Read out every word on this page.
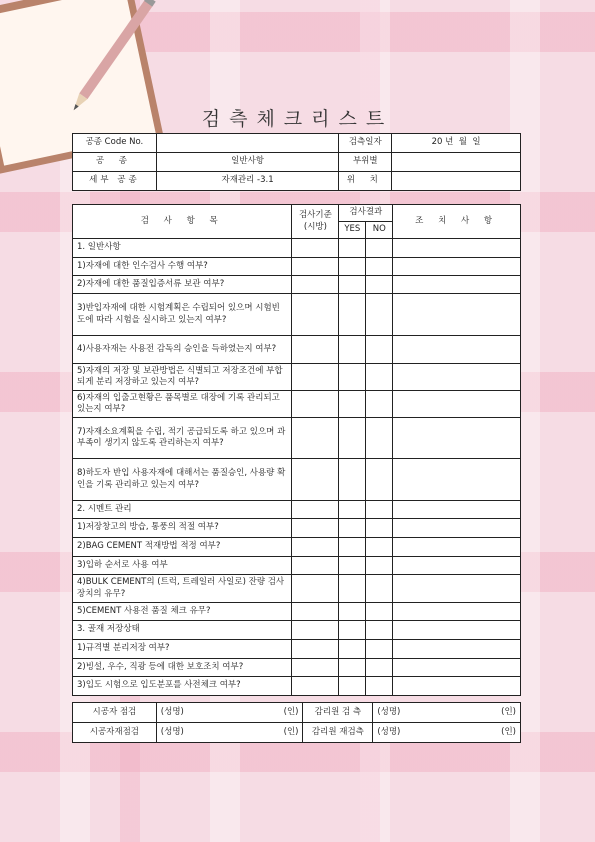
검측체크리스트
공종 Code No.		검측일자	20 년  월  일
공 종	일반사항	부위별	
세부 공종	자재관리 -3.1	위 치	
검 사 항 목	검사기준 (시방)	검사결과		조 치 사 항
		YES	NO	
1. 일반사항				
1)자재에 대한 인수검사 수행 여부?				
2)자재에 대한 품질입증서류 보관 여부?				
3)반입자재에 대한 시험계획은 수립되어 있으며 시험빈도에 따라 시험을 실시하고 있는지 여부?				
4)사용자재는 사용전 감독의 승인을 득하였는지 여부?				
5)자재의 저장 및 보관방법은 식별되고 저장조건에 부합되게 분리 저장하고 있는지 여부?				
6)자재의 입출고현황은 품목별로 대장에 기록 관리되고 있는지 여부?				
7)자재소요계획을 수립, 적기 공급되도록 하고 있으며 과부족이 생기지 않도록 관리하는지 여부?				
8)하도자 반입 사용자재에 대해서는 품질승인, 사용량 확인을 기록 관리하고 있는지 여부?				
2. 시멘트 관리				
1)저장창고의 방습, 통풍의 적절 여부?				
2)BAG CEMENT 적재방법 적정 여부?				
3)입하 순서로 사용 여부				
4)BULK CEMENT의 (트럭, 트레일러 사일로) 잔량 검사장치의 유무?				
5)CEMENT 사용전 품질 체크 유무?				
3. 골재 저장상태				
1)규격별 분리저장 여부?				
2)빙설, 우수, 직광 등에 대한 보호조치 여부?				
3)입도 시험으로 입도분포를 사전체크 여부?				
시공자 점검	(성명) (인)	감리원 검 측	(성명) (인)

시공자재점검	(성명) (인)	감리원 재검측	(성명) (인)
